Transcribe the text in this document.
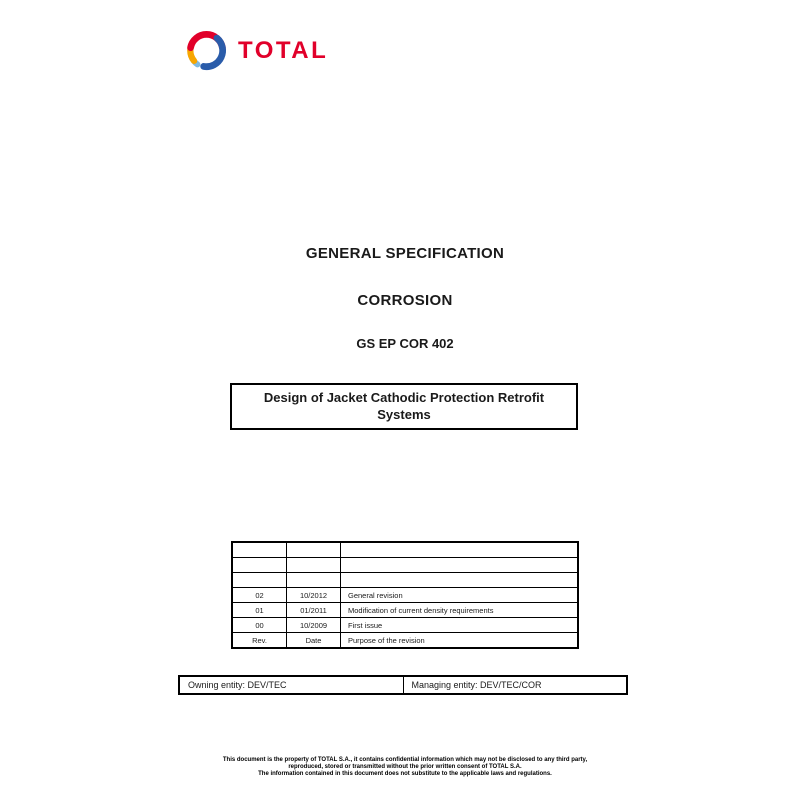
TOTAL
GENERAL SPECIFICATION
CORROSION
GS EP COR 402
Design of Jacket Cathodic Protection Retrofit Systems

02	10/2012	General revision
01	01/2011	Modification of current density requirements
00	10/2009	First issue
Rev.	Date	Purpose of the revision
Owning entity: DEV/TEC	Managing entity: DEV/TEC/COR
This document is the property of TOTAL S.A., it contains confidential information which may not be disclosed to any third party,
reproduced, stored or transmitted without the prior written consent of TOTAL S.A.
The information contained in this document does not substitute to the applicable laws and regulations.
